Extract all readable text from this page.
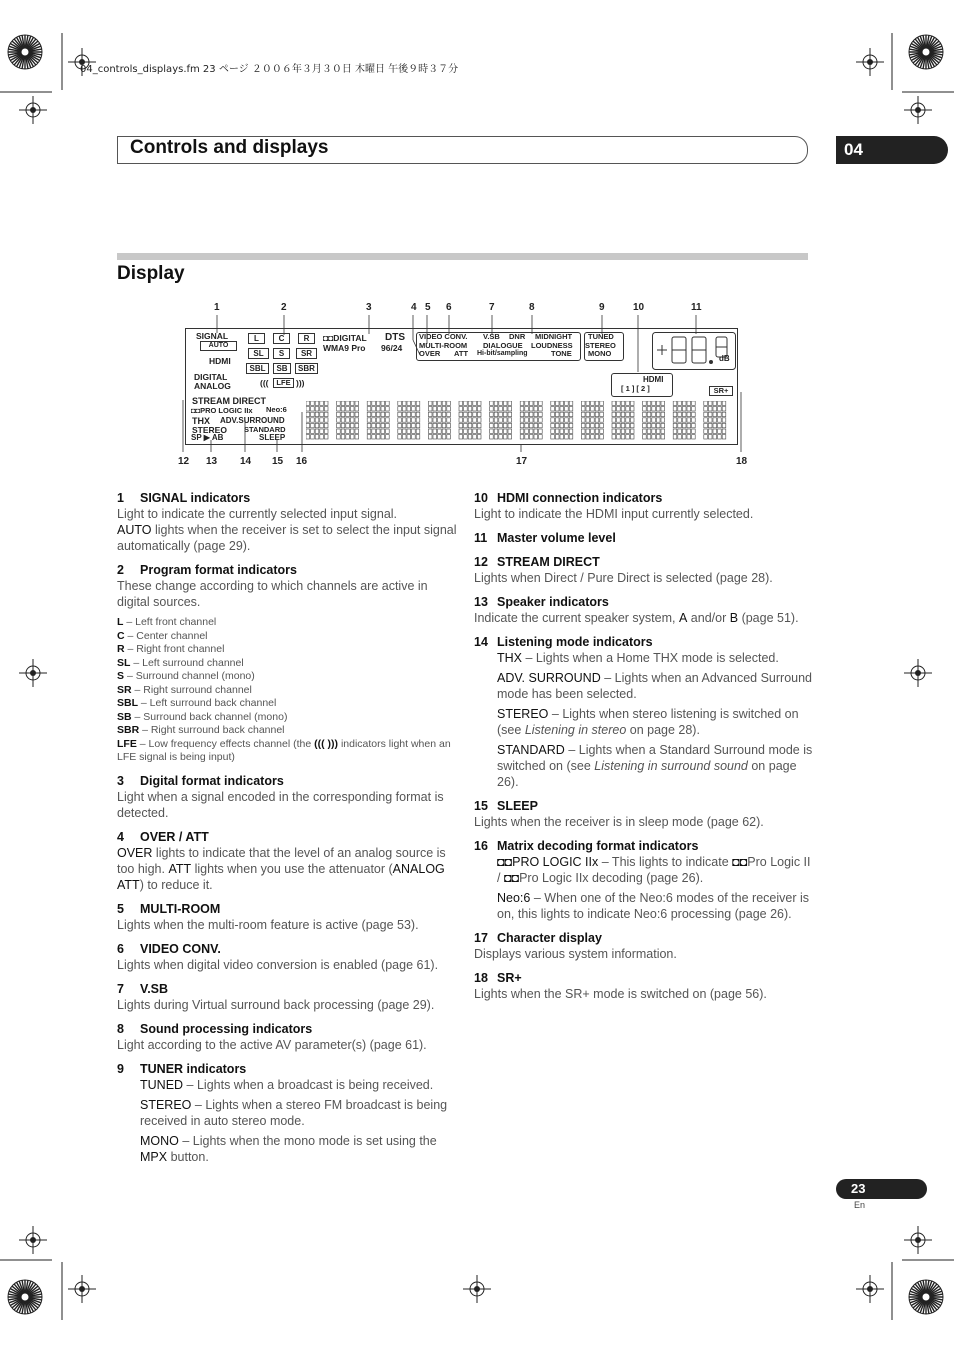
04_controls_displays.fm 23 ページ ２００６年３月３０日 木曜日 午後９時３７分
Controls and displays	04
Display
1	2	3	4 5 6	7	8	9	10	11
12 13 14 15 16	17	18
SIGNAL
AUTO
HDMI
DIGITAL
ANALOG
L	C	R
SL	S	SR
SBL	SB	SBR
(((	LFE )))
◘◘DIGITAL DTS
WMA9 Pro 96/24
VIDEO CONV. V.SB DNR MIDNIGHT
MULTI-ROOM DIALOGUE LOUDNESS
OVER ATT Hi-bit/sampling	TONE
TUNED
STEREO
MONO
HDMI
[ 1 ] [ 2 ]
dB
SR+
STREAM DIRECT
◘◘PRO LOGIC IIx Neo:6
THX ADV.SURROUND
STEREO STANDARD
SP ▶ AB	SLEEP
1 SIGNAL indicators
Light to indicate the currently selected input signal.
AUTO lights when the receiver is set to select the input signal automatically (page 29).
2 Program format indicators
These change according to which channels are active in digital sources.
L – Left front channel
C – Center channel
R – Right front channel
SL – Left surround channel
S – Surround channel (mono)
SR – Right surround channel
SBL – Left surround back channel
SB – Surround back channel (mono)
SBR – Right surround back channel
LFE – Low frequency effects channel (the ((( ))) indicators light when an LFE signal is being input)
3 Digital format indicators
Light when a signal encoded in the corresponding format is detected.
4 OVER / ATT
OVER lights to indicate that the level of an analog source is too high. ATT lights when you use the attenuator (ANALOG ATT) to reduce it.
5 MULTI-ROOM
Lights when the multi-room feature is active (page 53).
6 VIDEO CONV.
Lights when digital video conversion is enabled (page 61).
7 V.SB
Lights during Virtual surround back processing (page 29).
8 Sound processing indicators
Light according to the active AV parameter(s) (page 61).
9 TUNER indicators
TUNED – Lights when a broadcast is being received.
STEREO – Lights when a stereo FM broadcast is being received in auto stereo mode.
MONO – Lights when the mono mode is set using the MPX button.
10 HDMI connection indicators
Light to indicate the HDMI input currently selected.
11 Master volume level
12 STREAM DIRECT
Lights when Direct / Pure Direct is selected (page 28).
13 Speaker indicators
Indicate the current speaker system, A and/or B (page 51).
14 Listening mode indicators
THX – Lights when a Home THX mode is selected.
ADV. SURROUND – Lights when an Advanced Surround mode has been selected.
STEREO – Lights when stereo listening is switched on (see Listening in stereo on page 28).
STANDARD – Lights when a Standard Surround mode is switched on (see Listening in surround sound on page 26).
15 SLEEP
Lights when the receiver is in sleep mode (page 62).
16 Matrix decoding format indicators
◘◘PRO LOGIC IIx – This lights to indicate ◘◘Pro Logic II / ◘◘Pro Logic IIx decoding (page 26).
Neo:6 – When one of the Neo:6 modes of the receiver is on, this lights to indicate Neo:6 processing (page 26).
17 Character display
Displays various system information.
18 SR+
Lights when the SR+ mode is switched on (page 56).
23
En
